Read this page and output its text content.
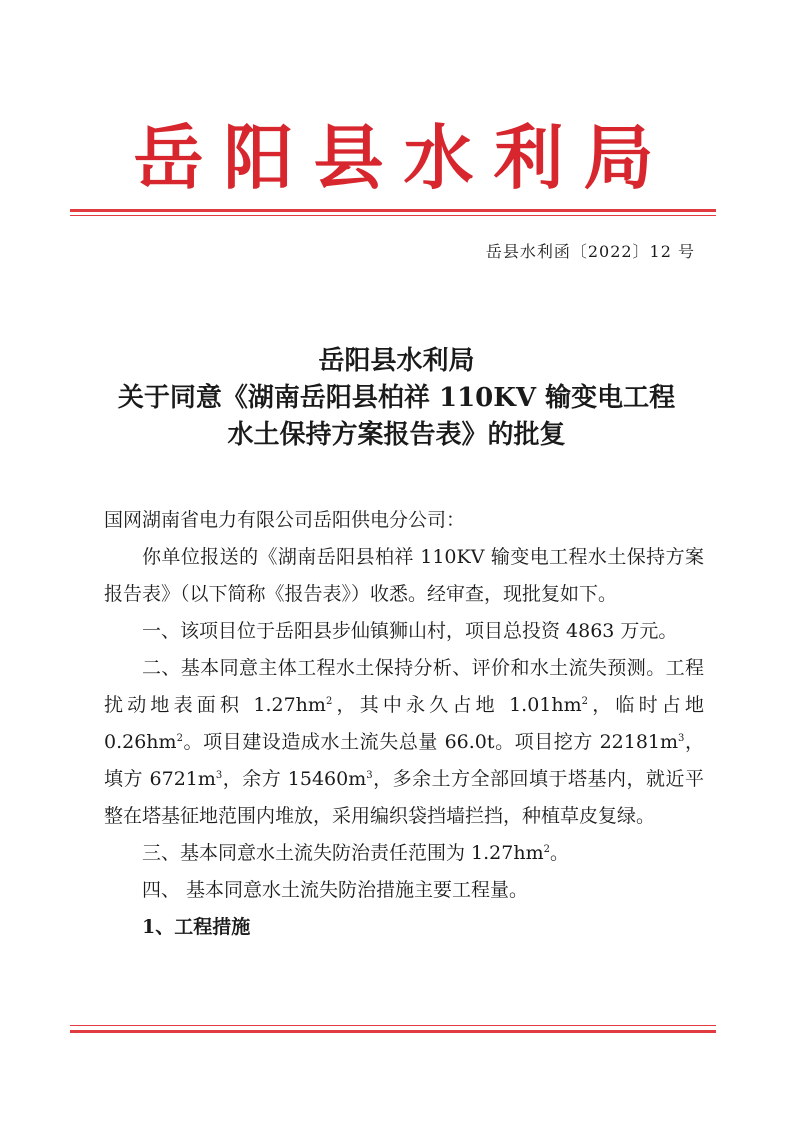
岳阳县水利局
岳县水利函〔2022〕12 号
岳阳县水利局
关于同意《湖南岳阳县柏祥 110KV 输变电工程
水土保持方案报告表》的批复

国网湖南省电力有限公司岳阳供电分公司：

你单位报送的《湖南岳阳县柏祥 110KV 输变电工程水土保持方案报告表》（以下简称《报告表》）收悉。经审查，现批复如下。

一、该项目位于岳阳县步仙镇狮山村，项目总投资 4863 万元。

二、基本同意主体工程水土保持分析、评价和水土流失预测。工程扰动地表面积 $1.27hm^2$，其中永久占地 $1.01hm^2$，临时占地 $0.26hm^2$。项目建设造成水土流失总量 66.0t。项目挖方 $22181m^3$，填方 $6721m^3$，余方 $15460m^3$，多余土方全部回填于塔基内，就近平整在塔基征地范围内堆放，采用编织袋挡墙拦挡，种植草皮复绿。

三、基本同意水土流失防治责任范围为 $1.27hm^2$。

四、 基本同意水土流失防治措施主要工程量。

1、工程措施
